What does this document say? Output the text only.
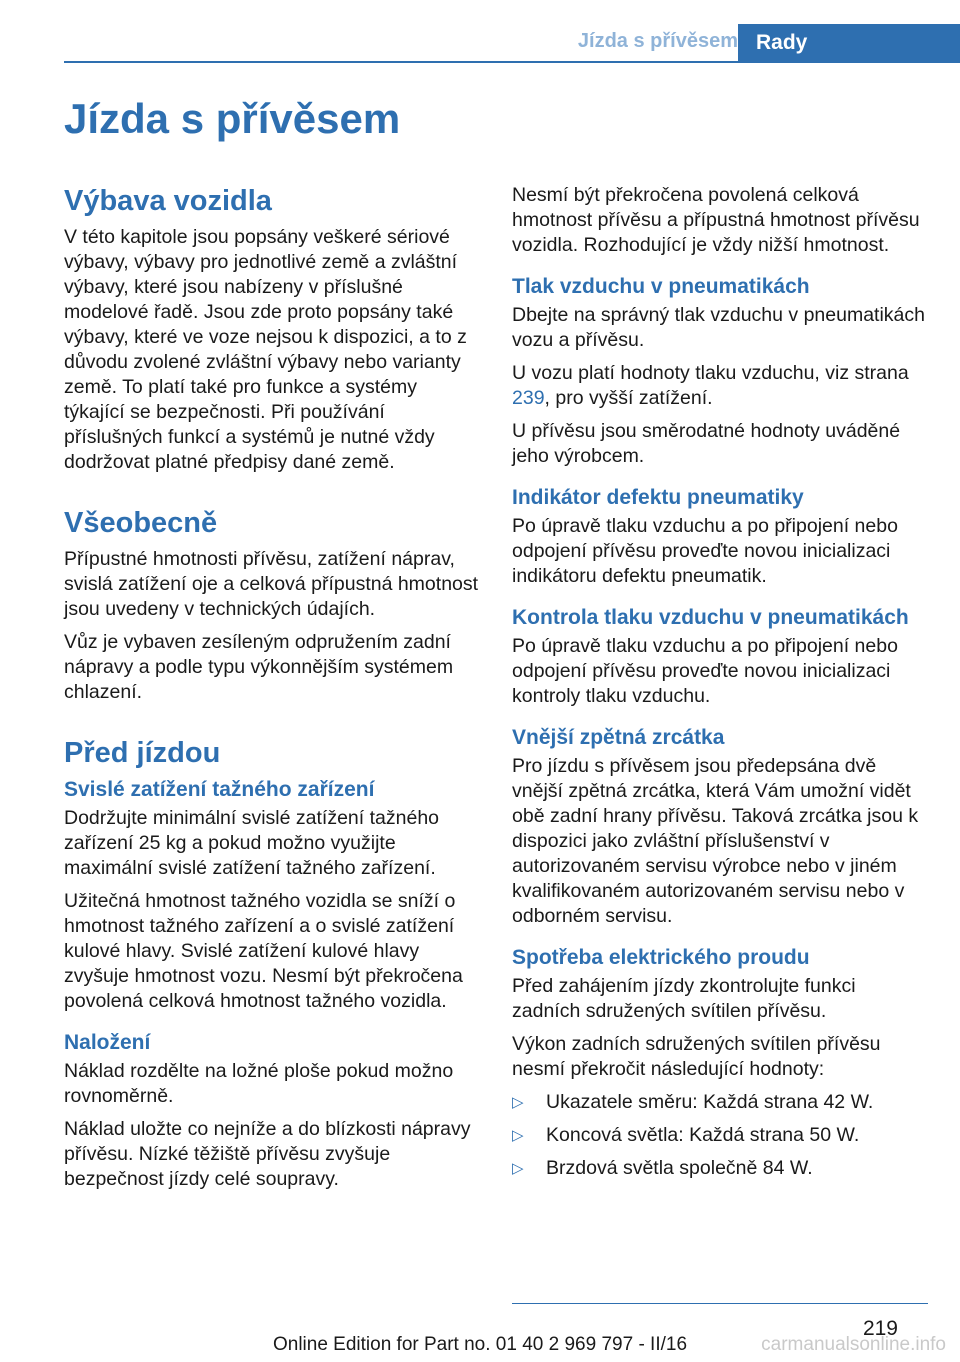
Jízda s přívěsem Rady
Jízda s přívěsem
Výbava vozidla

V této kapitole jsou popsány veškeré sériové výbavy, výbavy pro jednotlivé země a zvláštní výbavy, které jsou nabízeny v příslušné modelové řadě. Jsou zde proto popsány také výbavy, které ve voze nejsou k dispozici, a to z důvodu zvolené zvláštní výbavy nebo varianty země. To platí také pro funkce a systémy týkající se bezpečnosti. Při používání příslušných funkcí a systémů je nutné vždy dodržovat platné předpisy dané země.

Všeobecně

Přípustné hmotnosti přívěsu, zatížení náprav, svislá zatížení oje a celková přípustná hmotnost jsou uvedeny v technických údajích.

Vůz je vybaven zesíleným odpružením zadní nápravy a podle typu výkonnějším systémem chlazení.

Před jízdou
Svislé zatížení tažného zařízení

Dodržujte minimální svislé zatížení tažného zařízení 25 kg a pokud možno využijte maximální svislé zatížení tažného zařízení.

Užitečná hmotnost tažného vozidla se sníží o hmotnost tažného zařízení a o svislé zatížení kulové hlavy. Svislé zatížení kulové hlavy zvyšuje hmotnost vozu. Nesmí být překročena povolená celková hmotnost tažného vozidla.

Naložení

Náklad rozdělte na ložné ploše pokud možno rovnoměrně.

Náklad uložte co nejníže a do blízkosti nápravy přívěsu. Nízké těžiště přívěsu zvyšuje bezpečnost jízdy celé soupravy.

Nesmí být překročena povolená celková hmotnost přívěsu a přípustná hmotnost přívěsu vozidla. Rozhodující je vždy nižší hmotnost.

Tlak vzduchu v pneumatikách

Dbejte na správný tlak vzduchu v pneumatikách vozu a přívěsu.

U vozu platí hodnoty tlaku vzduchu, viz strana 239, pro vyšší zatížení.

U přívěsu jsou směrodatné hodnoty uváděné jeho výrobcem.

Indikátor defektu pneumatiky

Po úpravě tlaku vzduchu a po připojení nebo odpojení přívěsu proveďte novou inicializaci indikátoru defektu pneumatik.

Kontrola tlaku vzduchu v pneumatikách

Po úpravě tlaku vzduchu a po připojení nebo odpojení přívěsu proveďte novou inicializaci kontroly tlaku vzduchu.

Vnější zpětná zrcátka

Pro jízdu s přívěsem jsou předepsána dvě vnější zpětná zrcátka, která Vám umožní vidět obě zadní hrany přívěsu. Taková zrcátka jsou k dispozici jako zvláštní příslušenství v autorizovaném servisu výrobce nebo v jiném kvalifikovaném autorizovaném servisu nebo v odborném servisu.

Spotřeba elektrického proudu

Před zahájením jízdy zkontrolujte funkci zadních sdružených svítilen přívěsu.

Výkon zadních sdružených svítilen přívěsu nesmí překročit následující hodnoty:

▷	Ukazatele směru: Každá strana 42 W.
▷	Koncová světla: Každá strana 50 W.
▷	Brzdová světla společně 84 W.
219
Online Edition for Part no. 01 40 2 969 797 - II/16	carmanualsonline.info
